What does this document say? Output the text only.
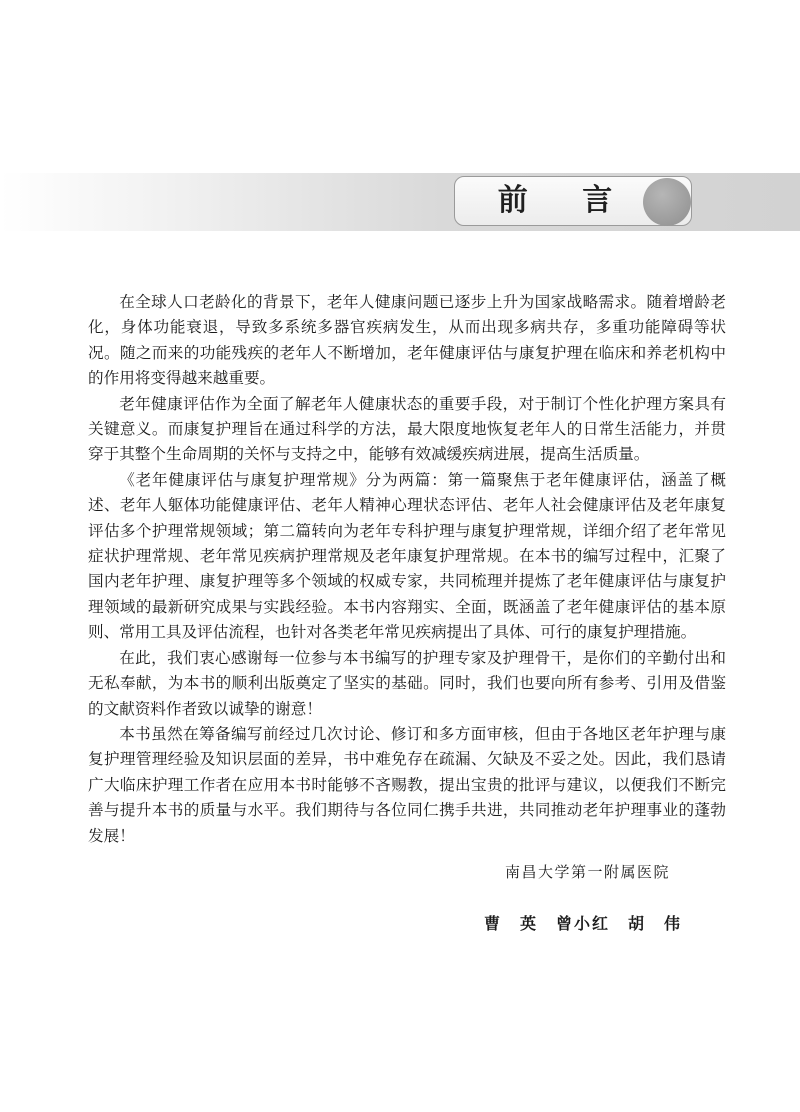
前 言

在全球人口老龄化的背景下，老年人健康问题已逐步上升为国家战略需求。随着增龄老化，身体功能衰退，导致多系统多器官疾病发生，从而出现多病共存，多重功能障碍等状况。随之而来的功能残疾的老年人不断增加，老年健康评估与康复护理在临床和养老机构中的作用将变得越来越重要。

老年健康评估作为全面了解老年人健康状态的重要手段，对于制订个性化护理方案具有关键意义。而康复护理旨在通过科学的方法，最大限度地恢复老年人的日常生活能力，并贯穿于其整个生命周期的关怀与支持之中，能够有效减缓疾病进展，提高生活质量。

《老年健康评估与康复护理常规》分为两篇：第一篇聚焦于老年健康评估，涵盖了概述、老年人躯体功能健康评估、老年人精神心理状态评估、老年人社会健康评估及老年康复评估多个护理常规领域；第二篇转向为老年专科护理与康复护理常规，详细介绍了老年常见症状护理常规、老年常见疾病护理常规及老年康复护理常规。在本书的编写过程中，汇聚了国内老年护理、康复护理等多个领域的权威专家，共同梳理并提炼了老年健康评估与康复护理领域的最新研究成果与实践经验。本书内容翔实、全面，既涵盖了老年健康评估的基本原则、常用工具及评估流程，也针对各类老年常见疾病提出了具体、可行的康复护理措施。

在此，我们衷心感谢每一位参与本书编写的护理专家及护理骨干，是你们的辛勤付出和无私奉献，为本书的顺利出版奠定了坚实的基础。同时，我们也要向所有参考、引用及借鉴的文献资料作者致以诚挚的谢意！

本书虽然在筹备编写前经过几次讨论、修订和多方面审核，但由于各地区老年护理与康复护理管理经验及知识层面的差异，书中难免存在疏漏、欠缺及不妥之处。因此，我们恳请广大临床护理工作者在应用本书时能够不吝赐教，提出宝贵的批评与建议，以便我们不断完善与提升本书的质量与水平。我们期待与各位同仁携手共进，共同推动老年护理事业的蓬勃发展！

南昌大学第一附属医院
曹　英　曾小红　胡　伟
